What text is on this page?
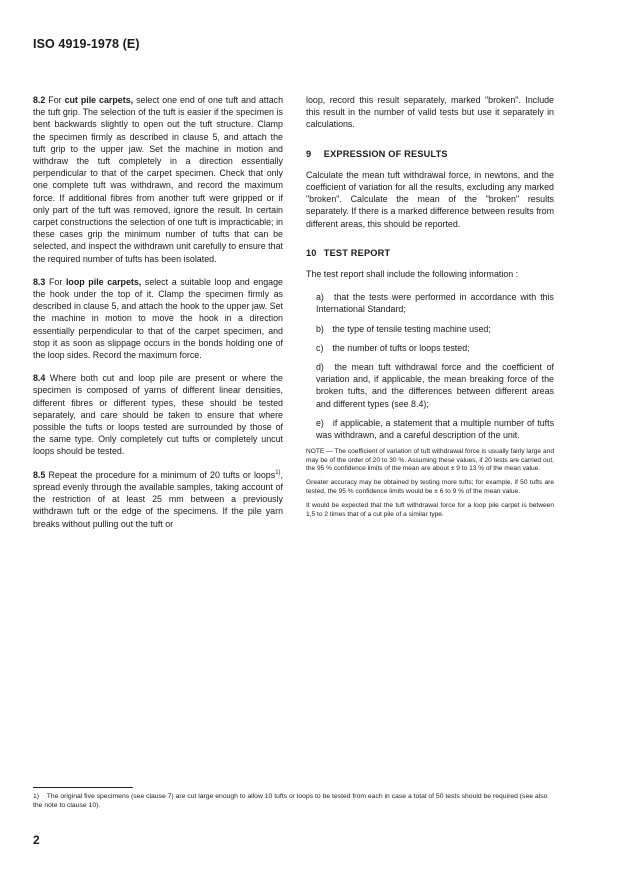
ISO 4919-1978 (E)

8.2 For cut pile carpets, select one end of one tuft and attach the tuft grip. The selection of the tuft is easier if the specimen is bent backwards slightly to open out the tuft structure. Clamp the specimen firmly as described in clause 5, and attach the tuft grip to the upper jaw. Set the machine in motion and withdraw the tuft completely in a direction essentially perpendicular to that of the carpet specimen. Check that only one complete tuft was withdrawn, and record the maximum force. If additional fibres from another tuft were gripped or if only part of the tuft was removed, ignore the result. In certain carpet constructions the selection of one tuft is impracticable; in these cases grip the minimum number of tufts that can be selected, and inspect the withdrawn unit carefully to ensure that the required number of tufts has been isolated.

8.3 For loop pile carpets, select a suitable loop and engage the hook under the top of it. Clamp the specimen firmly as described in clause 5, and attach the hook to the upper jaw. Set the machine in motion to move the hook in a direction essentially perpendicular to that of the carpet specimen, and stop it as soon as slippage occurs in the bonds holding one of the loop sides. Record the maximum force.

8.4 Where both cut and loop pile are present or where the specimen is composed of yarns of different linear densities, different fibres or different types, these should be tested separately, and care should be taken to ensure that where possible the tufts or loops tested are surrounded by those of the same type. Only completely cut tufts or completely uncut loops should be tested.

8.5 Repeat the procedure for a minimum of 20 tufts or loops$^{1)}$, spread evenly through the available samples, taking account of the restriction of at least 25 mm between a previously withdrawn tuft or the edge of the specimens. If the pile yarn breaks without pulling out the tuft or

loop, record this result separately, marked "broken". Include this result in the number of valid tests but use it separately in calculations.

9 EXPRESSION OF RESULTS

Calculate the mean tuft withdrawal force, in newtons, and the coefficient of variation for all the results, excluding any marked "broken". Calculate the mean of the "broken" results separately. If there is a marked difference between results from different areas, this should be reported.

10 TEST REPORT

The test report shall include the following information :

a) that the tests were performed in accordance with this International Standard;

b) the type of tensile testing machine used;

c) the number of tufts or loops tested;

d) the mean tuft withdrawal force and the coefficient of variation and, if applicable, the mean breaking force of the broken tufts, and the differences between different areas and different types (see 8.4);

e) if applicable, a statement that a multiple number of tufts was withdrawn, and a careful description of the unit.

NOTE — The coefficient of variation of tuft withdrawal force is usually fairly large and may be of the order of 20 to 30 %. Assuming these values, if 20 tests are carried out, the 95 % confidence limits of the mean are about ± 9 to 13 % of the mean value.

Greater accuracy may be obtained by testing more tufts; for example, if 50 tufts are tested, the 95 % confidence limits would be ± 6 to 9 % of the mean value.

It would be expected that the tuft withdrawal force for a loop pile carpet is between 1,5 to 2 times that of a cut pile of a similar type.

1) The original five specimens (see clause 7) are cut large enough to allow 10 tufts or loops to be tested from each in case a total of 50 tests should be required (see also the note to clause 10).
2
